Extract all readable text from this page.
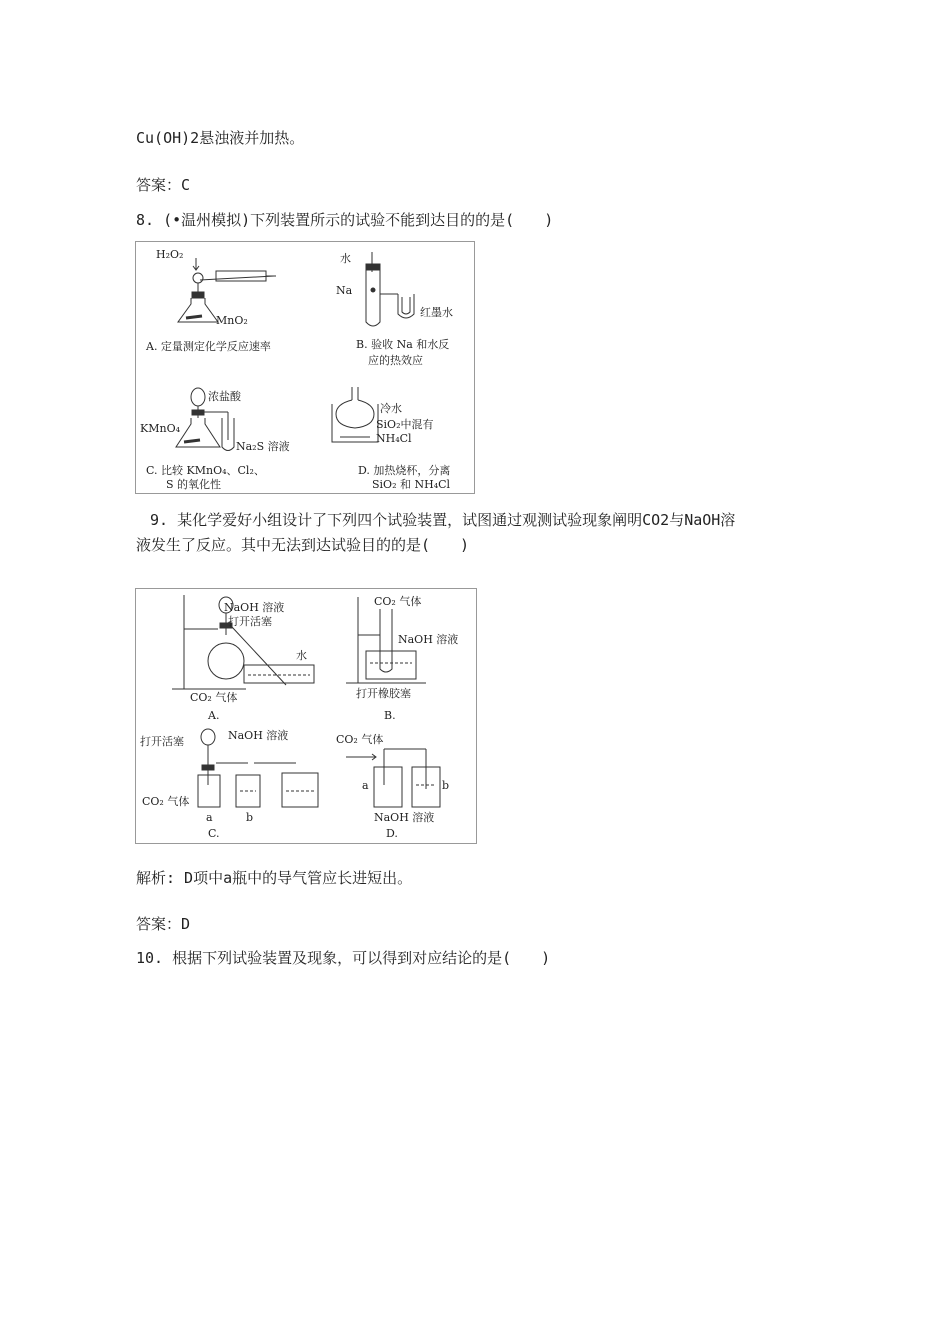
Cu(OH)2悬浊液并加热。
答案：C
8. (•温州模拟)下列装置所示的试验不能到达目的的是(　　)
H₂O₂
MnO₂
A. 定量测定化学反应速率
水
Na
红墨水
B. 验收 Na 和水反
应的热效应
浓盐酸
KMnO₄
Na₂S 溶液
C. 比较 KMnO₄、Cl₂、
S 的氧化性
冷水
SiO₂中混有
NH₄Cl
D. 加热烧杯，分离
SiO₂ 和 NH₄Cl
9. 某化学爱好小组设计了下列四个试验装置，试图通过观测试验现象阐明CO2与NaOH溶
液发生了反应。其中无法到达试验目的的是(　　)
NaOH 溶液
打开活塞
水
CO₂ 气体
A.
CO₂ 气体
NaOH 溶液
打开橡胶塞
B.
打开活塞	NaOH 溶液
CO₂ 气体
a	b
C.
CO₂ 气体
a	b
NaOH 溶液
D.
解析: D项中a瓶中的导气管应长进短出。
答案：D
10. 根据下列试验装置及现象，可以得到对应结论的是(　　)
